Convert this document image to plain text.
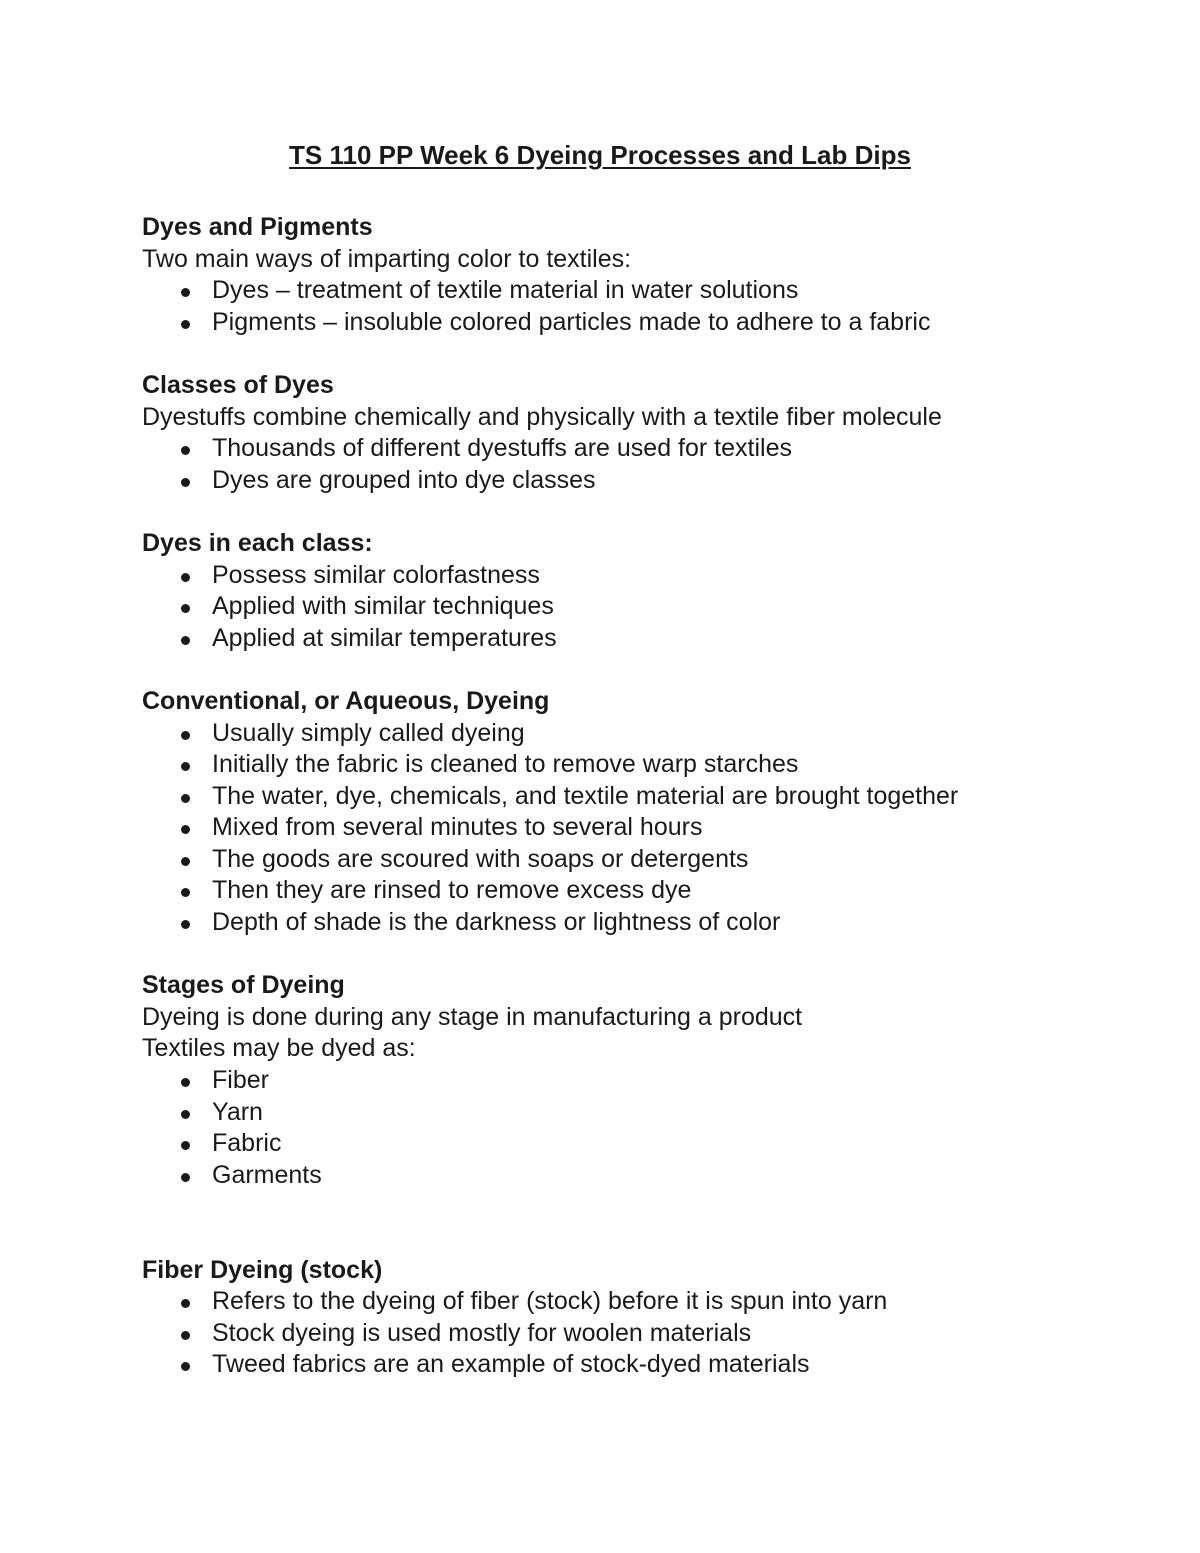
TS 110 PP Week 6 Dyeing Processes and Lab Dips

Dyes and Pigments

Two main ways of imparting color to textiles:

Dyes – treatment of textile material in water solutions
Pigments – insoluble colored particles made to adhere to a fabric

Classes of Dyes

Dyestuffs combine chemically and physically with a textile fiber molecule

Thousands of different dyestuffs are used for textiles
Dyes are grouped into dye classes

Dyes in each class:

Possess similar colorfastness
Applied with similar techniques
Applied at similar temperatures

Conventional, or Aqueous, Dyeing

Usually simply called dyeing
Initially the fabric is cleaned to remove warp starches
The water, dye, chemicals, and textile material are brought together
Mixed from several minutes to several hours
The goods are scoured with soaps or detergents
Then they are rinsed to remove excess dye
Depth of shade is the darkness or lightness of color

Stages of Dyeing

Dyeing is done during any stage in manufacturing a product

Textiles may be dyed as:

Fiber
Yarn
Fabric
Garments

Fiber Dyeing (stock)

Refers to the dyeing of fiber (stock) before it is spun into yarn
Stock dyeing is used mostly for woolen materials
Tweed fabrics are an example of stock-dyed materials
